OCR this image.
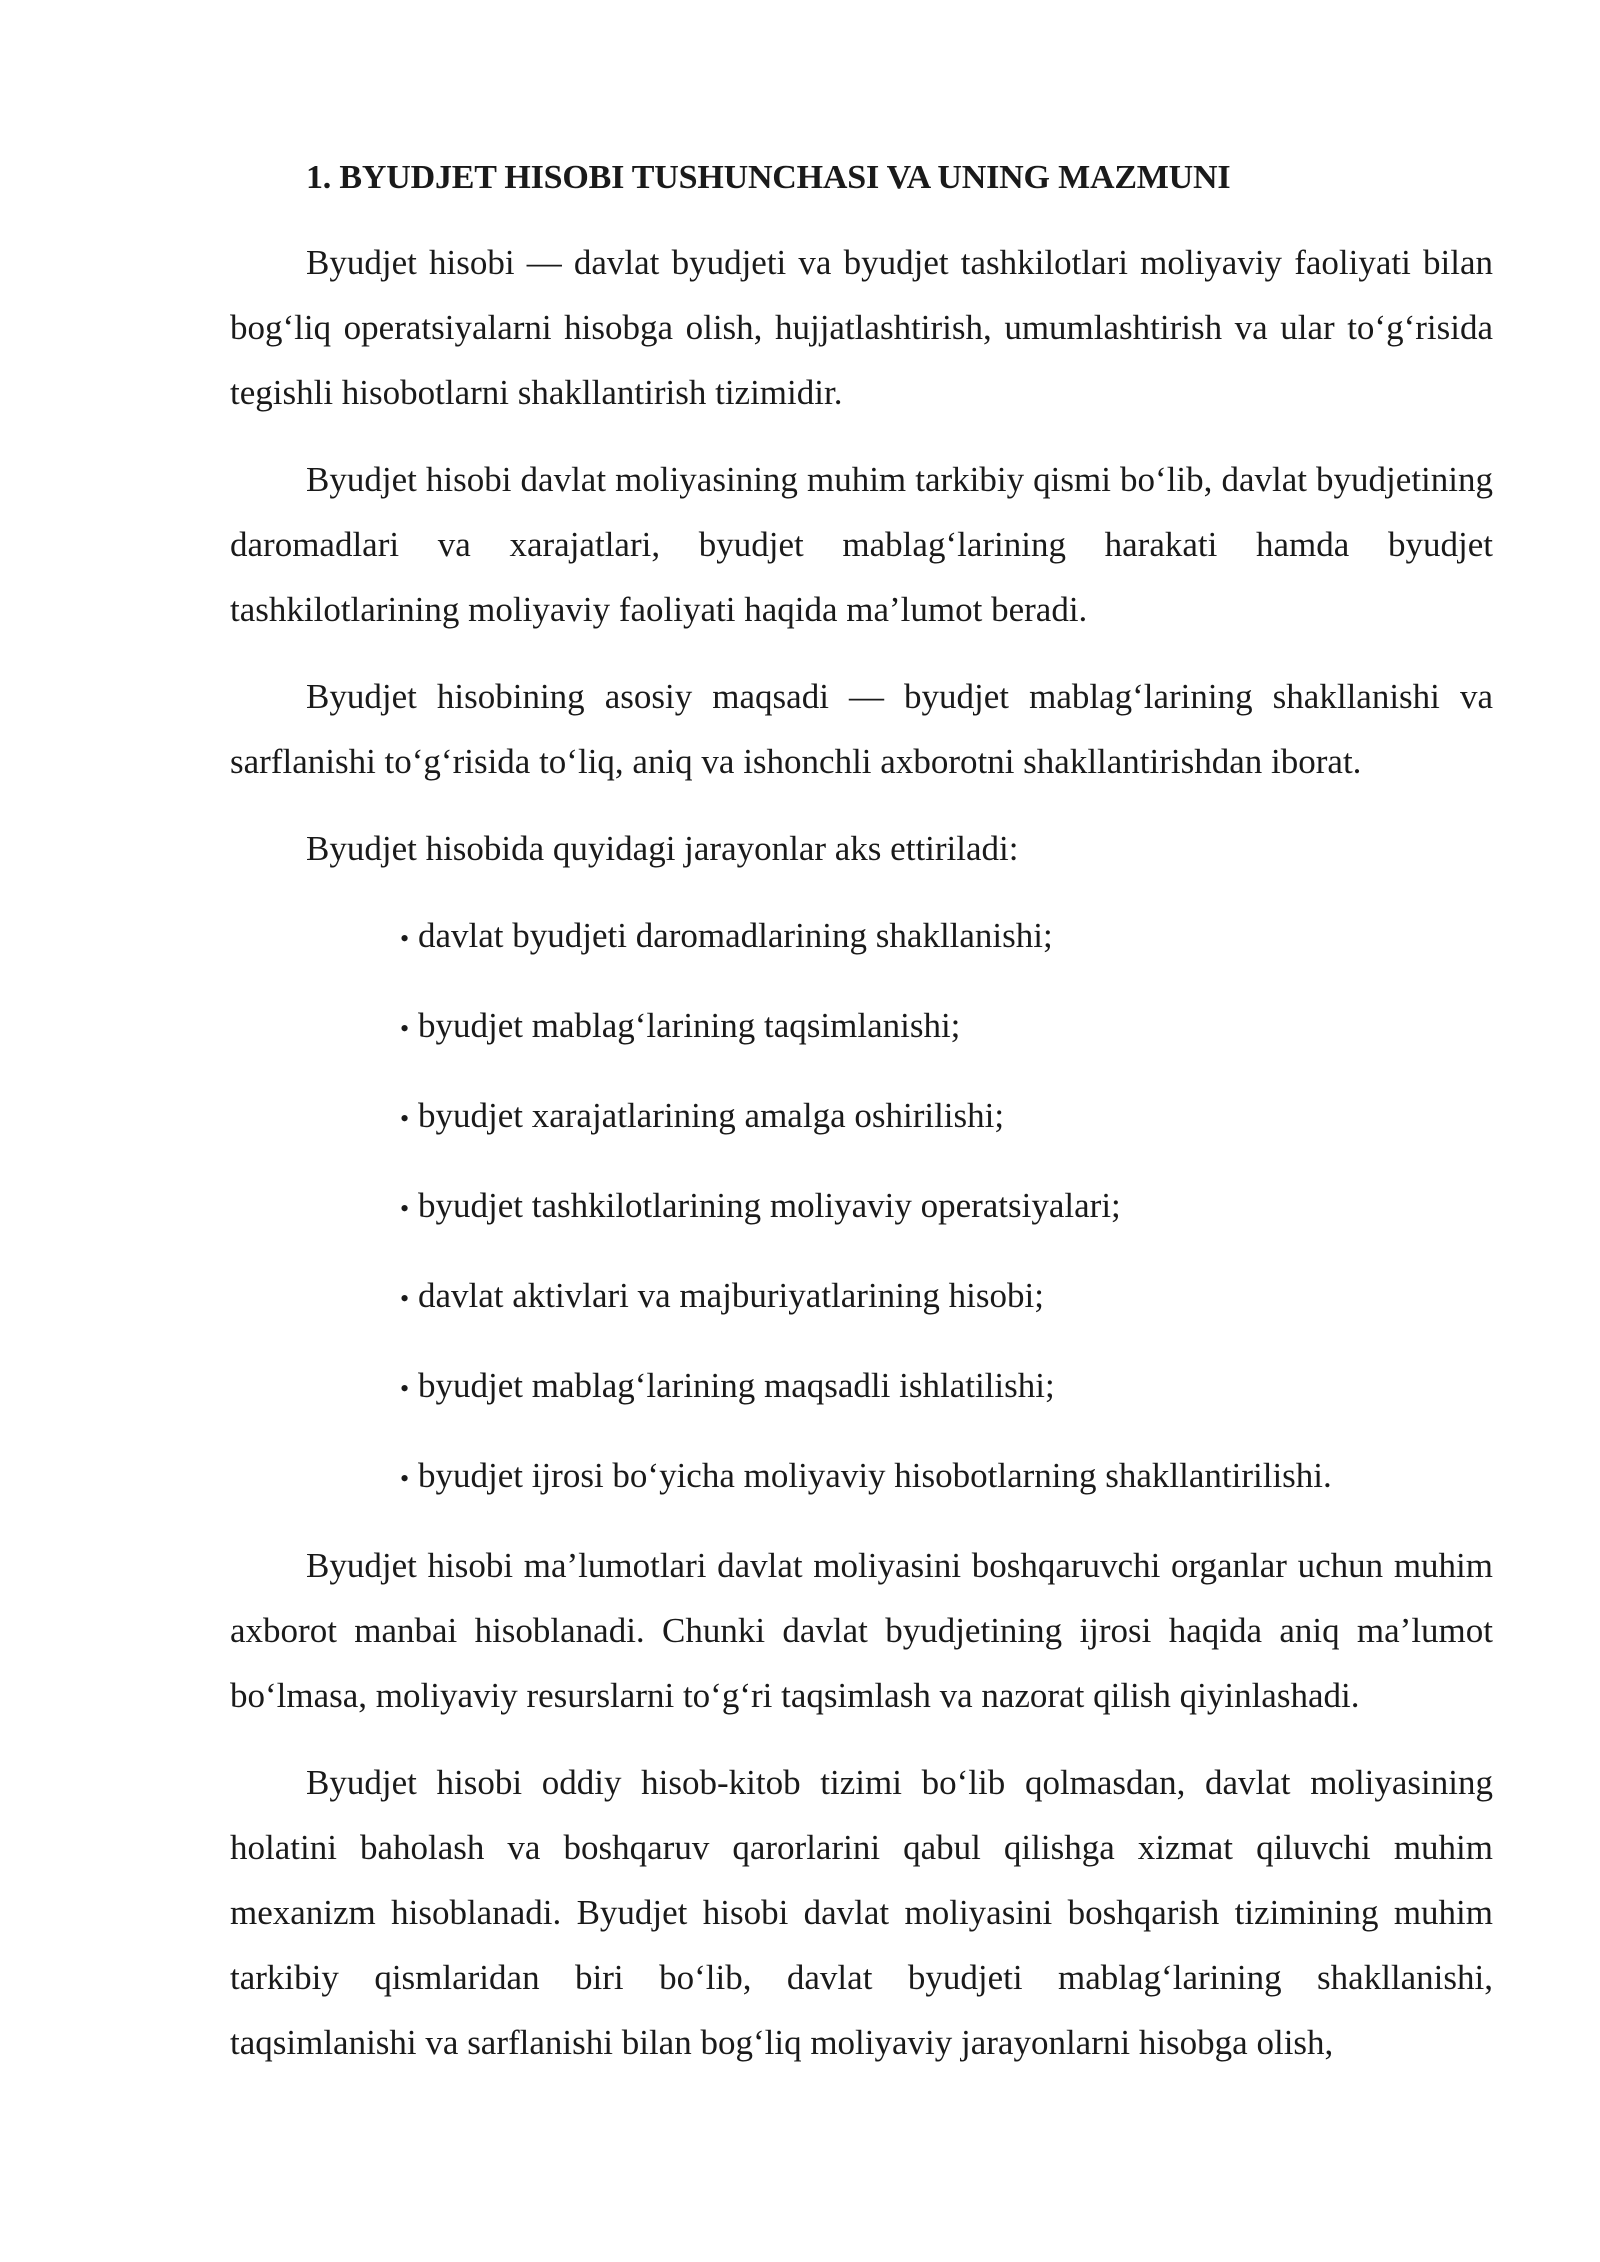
1. BYUDJET HISOBI TUSHUNCHASI VA UNING MAZMUNI

Byudjet hisobi — davlat byudjeti va byudjet tashkilotlari moliyaviy faoliyati bilan bog‘liq operatsiyalarni hisobga olish, hujjatlashtirish, umumlashtirish va ular to‘g‘risida tegishli hisobotlarni shakllantirish tizimidir.

Byudjet hisobi davlat moliyasining muhim tarkibiy qismi bo‘lib, davlat byudjetining daromadlari va xarajatlari, byudjet mablag‘larining harakati hamda byudjet tashkilotlarining moliyaviy faoliyati haqida ma’lumot beradi.

Byudjet hisobining asosiy maqsadi — byudjet mablag‘larining shakllanishi va sarflanishi to‘g‘risida to‘liq, aniq va ishonchli axborotni shakllantirishdan iborat.

Byudjet hisobida quyidagi jarayonlar aks ettiriladi:

• davlat byudjeti daromadlarining shakllanishi;
• byudjet mablag‘larining taqsimlanishi;
• byudjet xarajatlarining amalga oshirilishi;
• byudjet tashkilotlarining moliyaviy operatsiyalari;
• davlat aktivlari va majburiyatlarining hisobi;
• byudjet mablag‘larining maqsadli ishlatilishi;
• byudjet ijrosi bo‘yicha moliyaviy hisobotlarning shakllantirilishi.

Byudjet hisobi ma’lumotlari davlat moliyasini boshqaruvchi organlar uchun muhim axborot manbai hisoblanadi. Chunki davlat byudjetining ijrosi haqida aniq ma’lumot bo‘lmasa, moliyaviy resurslarni to‘g‘ri taqsimlash va nazorat qilish qiyinlashadi.

Byudjet hisobi oddiy hisob-kitob tizimi bo‘lib qolmasdan, davlat moliyasining holatini baholash va boshqaruv qarorlarini qabul qilishga xizmat qiluvchi muhim mexanizm hisoblanadi. Byudjet hisobi davlat moliyasini boshqarish tizimining muhim tarkibiy qismlaridan biri bo‘lib, davlat byudjeti mablag‘larining shakllanishi, taqsimlanishi va sarflanishi bilan bog‘liq moliyaviy jarayonlarni hisobga olish,
